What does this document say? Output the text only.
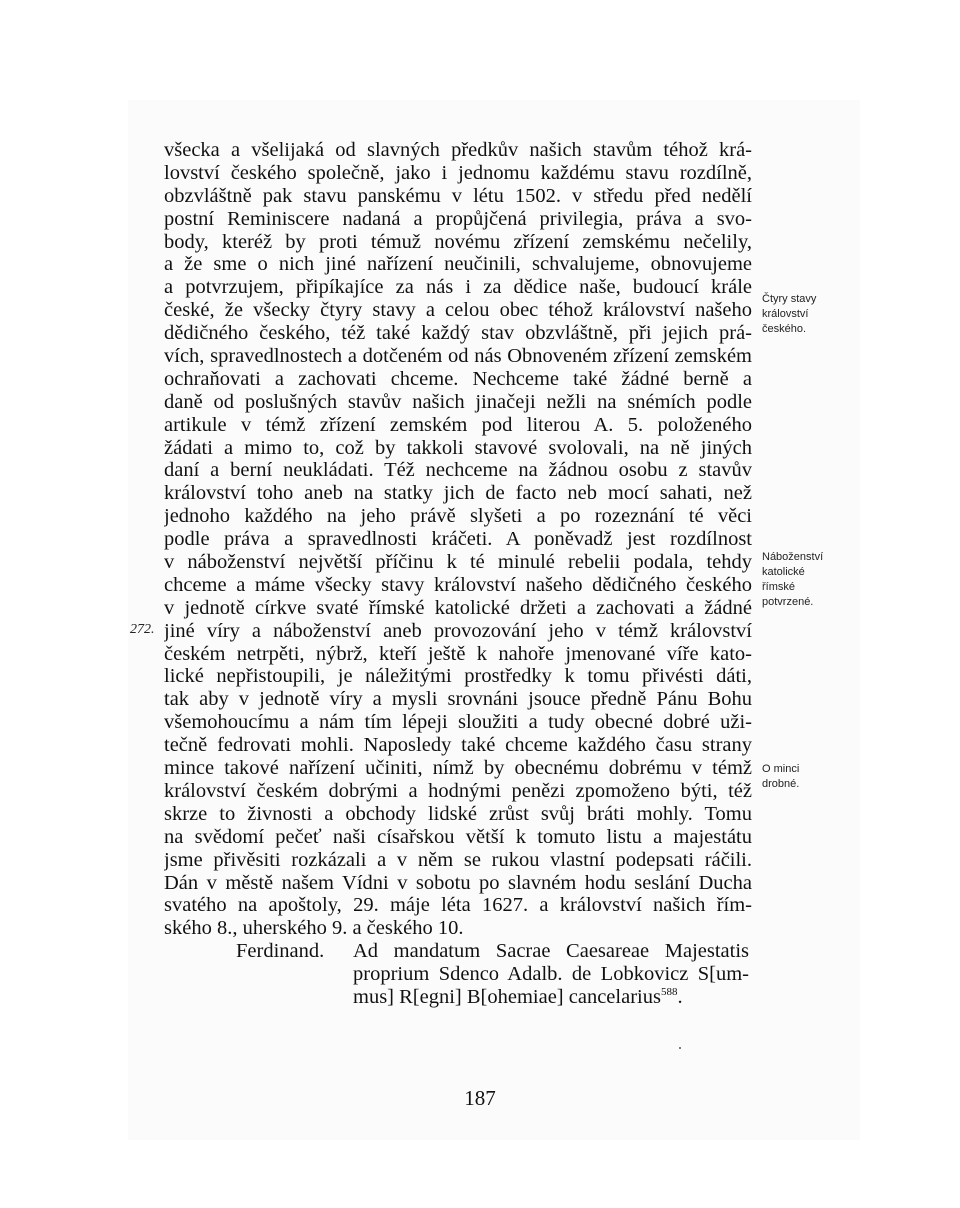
všecka a všelijaká od slavných předkův našich stavům téhož krá-
lovství českého společně, jako i jednomu každému stavu rozdílně,
obzvláštně pak stavu panskému v létu 1502. v středu před nedělí
postní Reminiscere nadaná a propůjčená privilegia, práva a svo-
body, kteréž by proti témuž novému zřízení zemskému nečelily,
a že sme o nich jiné nařízení neučinili, schvalujeme, obnovujeme
a potvrzujem, připíkajíce za nás i za dědice naše, budoucí krále
české, že všecky čtyry stavy a celou obec téhož království našeho
dědičného českého, též také každý stav obzvláštně, při jejich prá-
vích, spravedlnostech a dotčeném od nás Obnoveném zřízení zemském
ochraňovati a zachovati chceme. Nechceme také žádné berně a
daně od poslušných stavův našich jinačeji nežli na snémích podle
artikule v témž zřízení zemském pod literou A. 5. položeného
žádati a mimo to, což by takkoli stavové svolovali, na ně jiných
daní a berní neukládati. Též nechceme na žádnou osobu z stavův
království toho aneb na statky jich de facto neb mocí sahati, než
jednoho každého na jeho právě slyšeti a po rozeznání té věci
podle práva a spravedlnosti kráčeti. A poněvadž jest rozdílnost
v náboženství největší příčinu k té minulé rebelii podala, tehdy
chceme a máme všecky stavy království našeho dědičného českého
v jednotě církve svaté římské katolické držeti a zachovati a žádné
jiné víry a náboženství aneb provozování jeho v témž království
českém netrpěti, nýbrž, kteří ještě k nahoře jmenované víře kato-
lické nepřistoupili, je náležitými prostředky k tomu přivésti dáti,
tak aby v jednotě víry a mysli srovnáni jsouce předně Pánu Bohu
všemohoucímu a nám tím lépeji sloužiti a tudy obecné dobré uži-
tečně fedrovati mohli. Naposledy také chceme každého času strany
mince takové nařízení učiniti, nímž by obecnému dobrému v témž
království českém dobrými a hodnými penězi zpomoženo býti, též
skrze to živnosti a obchody lidské zrůst svůj bráti mohly. Tomu
na svědomí pečeť naši císařskou větší k tomuto listu a majestátu
jsme přivěsiti rozkázali a v něm se rukou vlastní podepsati ráčili.
Dán v městě našem Vídni v sobotu po slavném hodu seslání Ducha
svatého na apoštoly, 29. máje léta 1627. a království našich řím-
ského 8., uherského 9. a českého 10.
Ferdinand. Ad mandatum Sacrae Caesareae Majestatis
proprium Sdenco Adalb. de Lobkovicz S[um-
mus] R[egni] B[ohemiae] cancelarius$^{588}$.
Čtyry stavy
království
českého.
Náboženství
katolické
římské
potvrzené.
O minci
drobné.
272.
187
